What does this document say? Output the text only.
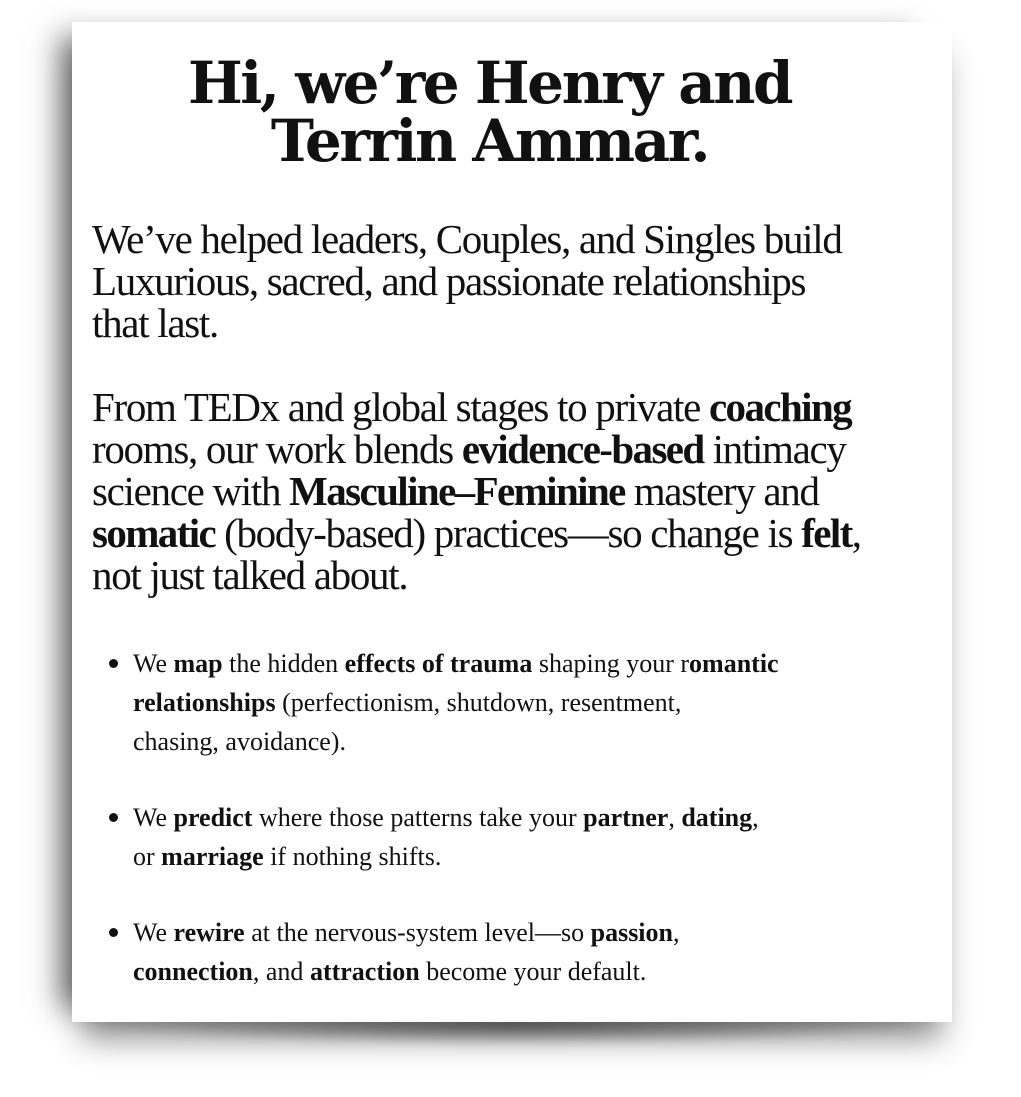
Hi, we’re Henry and
Terrin Ammar.

We’ve helped leaders, Couples, and Singles build
Luxurious, sacred, and passionate relationships
that last.

From TEDx and global stages to private coaching
rooms, our work blends evidence-based intimacy
science with Masculine–Feminine mastery and
somatic (body-based) practices—so change is felt,
not just talked about.

We map the hidden effects of trauma shaping your romantic
relationships (perfectionism, shutdown, resentment,
chasing, avoidance).
We predict where those patterns take your partner, dating,
or marriage if nothing shifts.
We rewire at the nervous-system level—so passion,
connection, and attraction become your default.
